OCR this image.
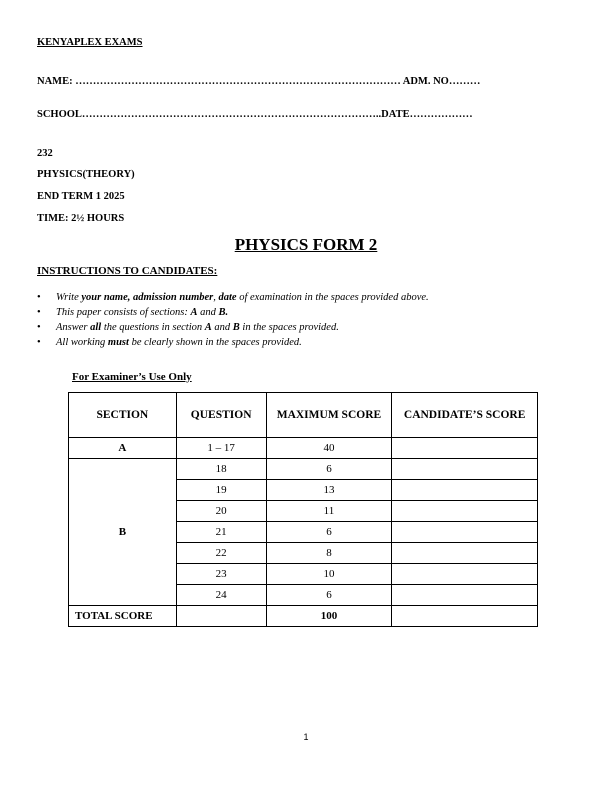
KENYAPLEX EXAMS
NAME: ………………………………………………………………………………… ADM. NO………
SCHOOL…………………………………………………………………………..DATE………………
232
PHYSICS(THEORY)
END TERM 1 2025
TIME: 2½ HOURS
PHYSICS FORM 2
INSTRUCTIONS TO CANDIDATES:
• Write your name, admission number, date of examination in the spaces provided above.
• This paper consists of sections: A and B.
• Answer all the questions in section A and B in the spaces provided.
• All working must be clearly shown in the spaces provided.
For Examiner’s Use Only
SECTION	QUESTION	MAXIMUM SCORE	CANDIDATE’S SCORE
A	1 – 17	40	
B	18	6	
	19	13	
	20	11	
	21	6	
	22	8	
	23	10	
	24	6	
TOTAL SCORE		100	
1
